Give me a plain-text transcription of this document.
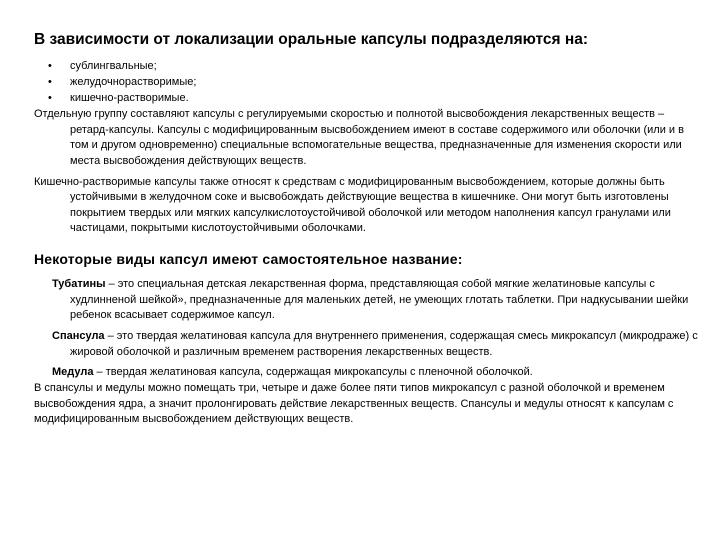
В зависимости от локализации оральные капсулы подразделяются на:
• сублингвальные;
• желудочнорастворимые;
• кишечно-растворимые.

Отдельную группу составляют капсулы с регулируемыми скоростью и полнотой высвобождения лекарственных веществ – ретард-капсулы. Капсулы с модифицированным высвобождением имеют в составе содержимого или оболочки (или и в том и другом одновременно) специальные вспомогательные вещества, предназначенные для изменения скорости или места высвобождения действующих веществ.

Кишечно-растворимые капсулы также относят к средствам с модифицированным высвобождением, которые должны быть устойчивыми в желудочном соке и высвобождать действующие вещества в кишечнике. Они могут быть изготовлены покрытием твердых или мягких капсулкислотоустойчивой оболочкой или методом наполнения капсул гранулами или частицами, покрытыми кислотоустойчивыми оболочками.

Некоторые виды капсул имеют самостоятельное название:

Тубатины – это специальная детская лекарственная форма, представляющая собой мягкие желатиновые капсулы с худлинненой шейкой», предназначенные для маленьких детей, не умеющих глотать таблетки. При надкусывании шейки ребенок всасывает содержимое капсул.

Спансула – это твердая желатиновая капсула для внутреннего применения, содержащая смесь микрокапсул (микродраже) с жировой оболочкой и различным временем растворения лекарственных веществ.

Медула – твердая желатиновая капсула, содержащая микрокапсулы с пленочной оболочкой.

В спансулы и медулы можно помещать три, четыре и даже более пяти типов микрокапсул с разной оболочкой и временем высвобождения ядра, а значит пролонгировать действие лекарственных веществ. Спансулы и медулы относят к капсулам с модифицированным высвобождением действующих веществ.
